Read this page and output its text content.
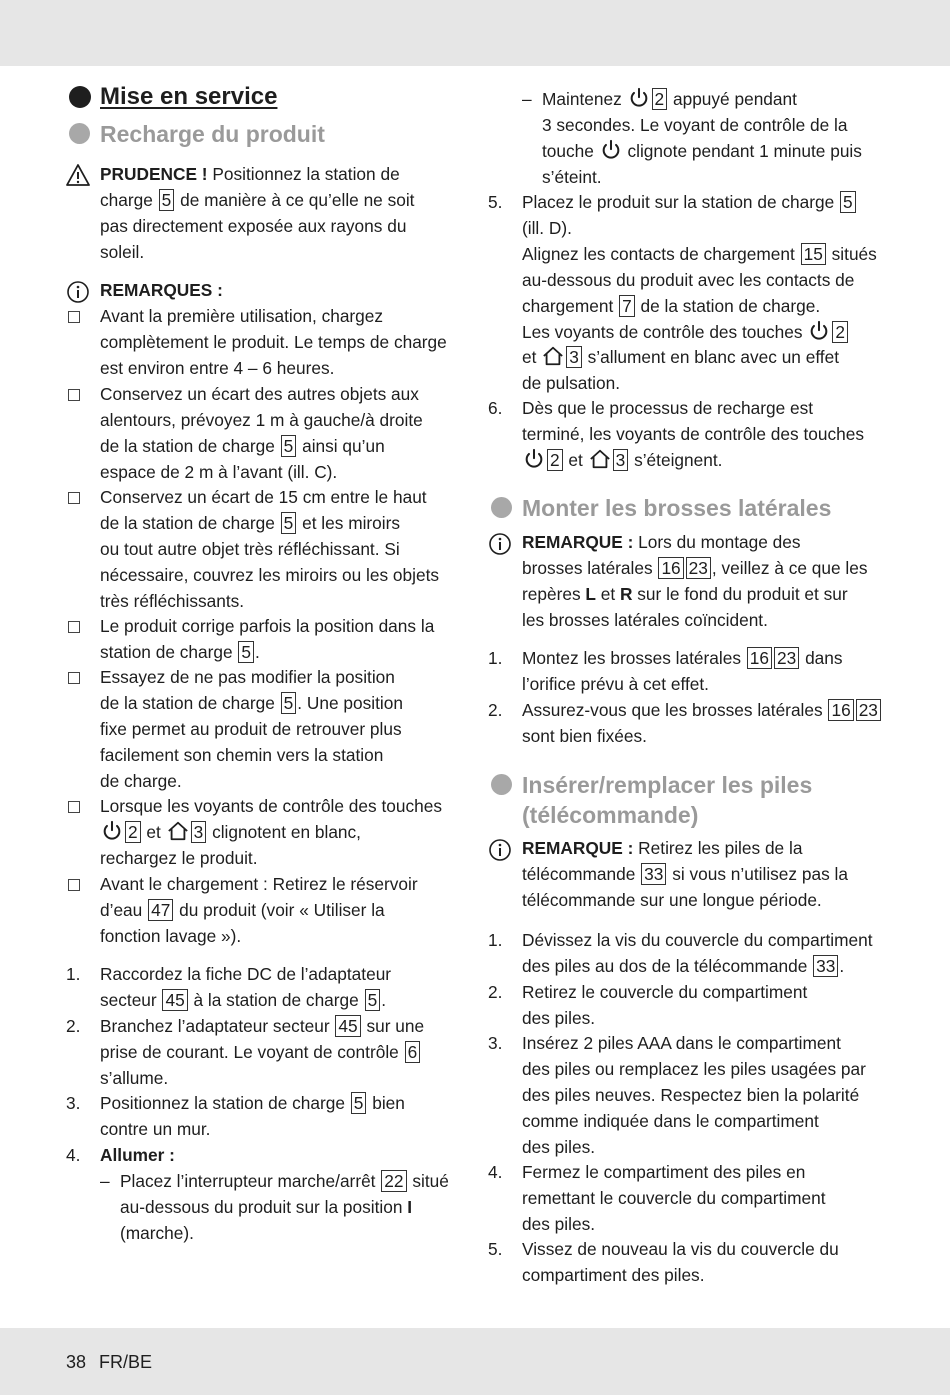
38 FR/BE
Mise en service
Recharge du produit
PRUDENCE ! Positionnez la station de
charge 5 de manière à ce qu’elle ne soit
pas directement exposée aux rayons du
soleil.
REMARQUES :
Avant la première utilisation, chargez
complètement le produit. Le temps de charge
est environ entre 4 – 6 heures.
Conservez un écart des autres objets aux
alentours, prévoyez 1 m à gauche/à droite
de la station de charge 5 ainsi qu’un
espace de 2 m à l’avant (ill. C).
Conservez un écart de 15 cm entre le haut
de la station de charge 5 et les miroirs
ou tout autre objet très réfléchissant. Si
nécessaire, couvrez les miroirs ou les objets
très réfléchissants.
Le produit corrige parfois la position dans la
station de charge 5 .
Essayez de ne pas modifier la position
de la station de charge 5 . Une position
fixe permet au produit de retrouver plus
facilement son chemin vers la station
de charge.
Lorsque les voyants de contrôle des touches
2 et 3 clignotent en blanc,
rechargez le produit.
Avant le chargement : Retirez le réservoir
d’eau 47 du produit (voir « Utiliser la
fonction lavage »).
1.	Raccordez la fiche DC de l’adaptateur
secteur 45 à la station de charge 5 .
2.	Branchez l’adaptateur secteur 45 sur une
prise de courant. Le voyant de contrôle 6
s’allume.
3.	Positionnez la station de charge 5 bien
contre un mur.
4.	Allumer :
– Placez l’interrupteur marche/arrêt 22 situé
au-dessous du produit sur la position I
(marche).
– Maintenez 2 appuyé pendant
3 secondes. Le voyant de contrôle de la
touche  clignote pendant 1 minute puis
s’éteint.
5.	Placez le produit sur la station de charge 5
(ill. D).
Alignez les contacts de chargement 15 situés
au-dessous du produit avec les contacts de
chargement 7 de la station de charge.
Les voyants de contrôle des touches 2
et 3 s’allument en blanc avec un effet
de pulsation.
6.	Dès que le processus de recharge est
terminé, les voyants de contrôle des touches
2 et 3 s’éteignent.
Monter les brosses latérales
REMARQUE : Lors du montage des
brosses latérales 16 23 , veillez à ce que les
repères L et R sur le fond du produit et sur
les brosses latérales coïncident.
1.	Montez les brosses latérales 16 23 dans
l’orifice prévu à cet effet.
2.	Assurez-vous que les brosses latérales 16 23
sont bien fixées.
Insérer/remplacer les piles (télécommande)
REMARQUE : Retirez les piles de la
télécommande 33 si vous n’utilisez pas la
télécommande sur une longue période.
1.	Dévissez la vis du couvercle du compartiment
des piles au dos de la télécommande 33 .
2.	Retirez le couvercle du compartiment
des piles.
3.	Insérez 2 piles AAA dans le compartiment
des piles ou remplacez les piles usagées par
des piles neuves. Respectez bien la polarité
comme indiquée dans le compartiment
des piles.
4.	Fermez le compartiment des piles en
remettant le couvercle du compartiment
des piles.
5.	Vissez de nouveau la vis du couvercle du
compartiment des piles.
